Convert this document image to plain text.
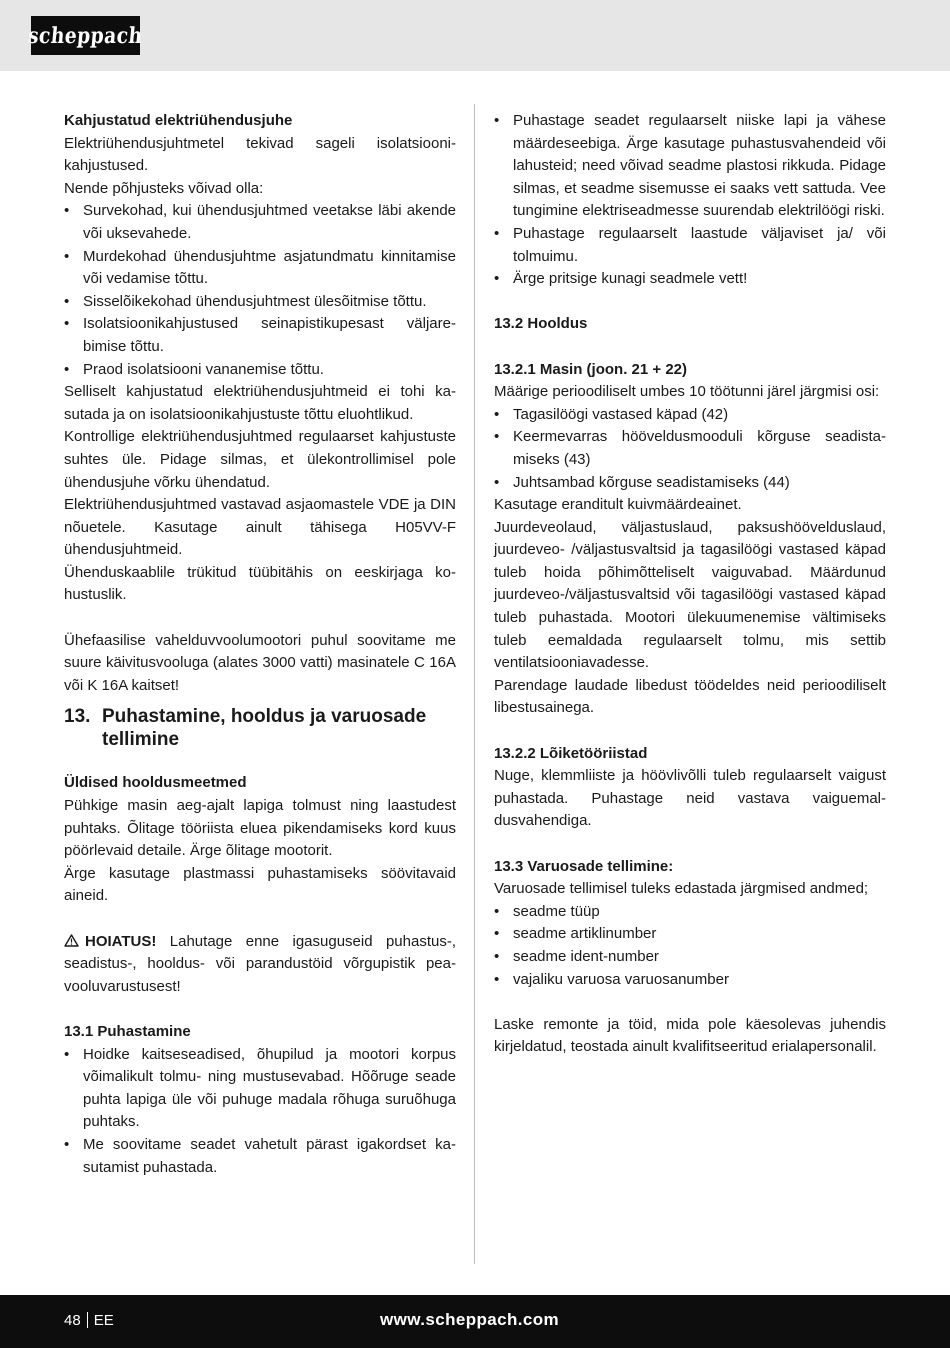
scheppach

Kahjustatud elektriühendusjuhe

Elektriühendusjuhtmetel tekivad sageli isolatsioonikahjustused.

Nende põhjusteks võivad olla:

• Survekohad, kui ühendusjuhtmed veetakse läbi akende või uksevahede.
• Murdekohad ühendusjuhtme asjatundmatu kinnitamise või vedamise tõttu.
• Sisselõikekohad ühendusjuhtmest ülesõitmise tõttu.
• Isolatsioonikahjustused seinapistikupesast väljarebimise tõttu.
• Praod isolatsiooni vananemise tõttu.

Selliselt kahjustatud elektriühendusjuhtmeid ei tohi kasutada ja on isolatsioonikahjustuste tõttu eluohtlikud.

Kontrollige elektriühendusjuhtmed regulaarset kahjustuste suhtes üle. Pidage silmas, et ülekontrollimisel pole ühendusjuhe võrku ühendatud.

Elektriühendusjuhtmed vastavad asjaomastele VDE ja DIN nõuetele. Kasutage ainult tähisega H05VV-F ühendusjuhtmeid.

Ühenduskaablile trükitud tüübitähis on eeskirjaga kohustuslik.

Ühefaasilise vahelduvvoolumootori puhul soovitame me suure käivitusvooluga (alates 3000 vatti) masinatele C 16A või K 16A kaitset!

13. Puhastamine, hooldus ja varuosade tellimine

Üldised hooldusmeetmed

Pühkige masin aeg-ajalt lapiga tolmust ning laastudest puhtaks. Õlitage tööriista eluea pikendamiseks kord kuus pöörlevaid detaile. Ärge õlitage mootorit.

Ärge kasutage plastmassi puhastamiseks söövitavaid aineid.

HOIATUS! Lahutage enne igasuguseid puhastus-, seadistus-, hooldus- või parandustöid võrgupistik peavooluvarustusest!

13.1 Puhastamine

• Hoidke kaitseseadised, õhupilud ja mootori korpus võimalikult tolmu- ning mustusevabad. Hõõruge seade puhta lapiga üle või puhuge madala rõhuga suruõhuga puhtaks.
• Me soovitame seadet vahetult pärast igakordset kasutamist puhastada.
• Puhastage seadet regulaarselt niiske lapi ja vähese määrdeseebiga. Ärge kasutage puhastusvahendeid või lahusteid; need võivad seadme plastosi rikkuda. Pidage silmas, et seadme sisemusse ei saaks vett sattuda. Vee tungimine elektriseadmesse suurendab elektrilöögi riski.
• Puhastage regulaarselt laastude väljaviset ja/ või tolmuimu.
• Ärge pritsige kunagi seadmele vett!

13.2 Hooldus

13.2.1 Masin (joon. 21 + 22)

Määrige perioodiliselt umbes 10 töötunni järel järgmisi osi:

• Tagasilöögi vastased käpad (42)
• Keermevarras hööveldusmooduli kõrguse seadistamiseks (43)
• Juhtsambad kõrguse seadistamiseks (44)

Kasutage eranditult kuivmäärdeainet.

Juurdeveolaud, väljastuslaud, paksushöövelduslaud, juurdeveo- /väljastusvaltsid ja tagasilöögi vastased käpad tuleb hoida põhimõtteliselt vaiguvabad. Määrdunud juurdeveo-/väljastusvaltsid või tagasilöögi vastased käpad tuleb puhastada. Mootori ülekuumenemise vältimiseks tuleb eemaldada regulaarselt tolmu, mis settib ventilatsiooniavadesse.

Parendage laudade libedust töödeldes neid perioodiliselt libestusainega.

13.2.2 Lõiketööriistad

Nuge, klemmliiste ja höövlivõlli tuleb regulaarselt vaigust puhastada. Puhastage neid vastava vaiguemaldusvahendiga.

13.3 Varuosade tellimine:

Varuosade tellimisel tuleks edastada järgmised andmed;

• seadme tüüp
• seadme artiklinumber
• seadme ident-number
• vajaliku varuosa varuosanumber

Laske remonte ja töid, mida pole käesolevas juhendis kirjeldatud, teostada ainult kvalifitseeritud erialapersonalil.

48 EE	www.scheppach.com
